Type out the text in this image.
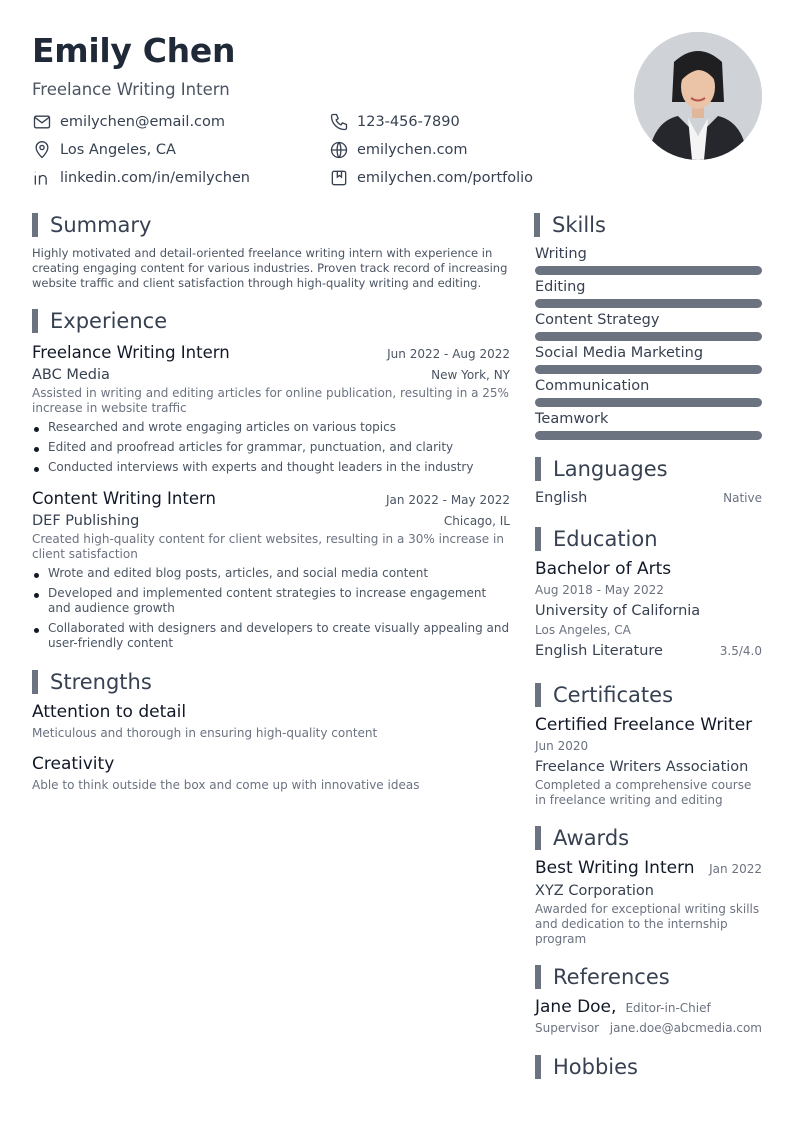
Emily Chen
Freelance Writing Intern
emilychen@email.com	123-456-7890
Los Angeles, CA	emilychen.com
linkedin.com/in/emilychen	emilychen.com/portfolio
Summary
Highly motivated and detail-oriented freelance writing intern with experience in creating engaging content for various industries. Proven track record of increasing website traffic and client satisfaction through high-quality writing and editing.
Experience
Freelance Writing Intern	Jun 2022 - Aug 2022
ABC Media	New York, NY
Assisted in writing and editing articles for online publication, resulting in a 25% increase in website traffic
Researched and wrote engaging articles on various topics
Edited and proofread articles for grammar, punctuation, and clarity
Conducted interviews with experts and thought leaders in the industry
Content Writing Intern	Jan 2022 - May 2022
DEF Publishing	Chicago, IL
Created high-quality content for client websites, resulting in a 30% increase in client satisfaction
Wrote and edited blog posts, articles, and social media content
Developed and implemented content strategies to increase engagement and audience growth
Collaborated with designers and developers to create visually appealing and user-friendly content
Strengths
Attention to detail
Meticulous and thorough in ensuring high-quality content
Creativity
Able to think outside the box and come up with innovative ideas
Skills
Writing
Editing
Content Strategy
Social Media Marketing
Communication
Teamwork
Languages
English	Native
Education
Bachelor of Arts
Aug 2018 - May 2022
University of California
Los Angeles, CA
English Literature	3.5/4.0
Certificates
Certified Freelance Writer
Jun 2020
Freelance Writers Association
Completed a comprehensive course in freelance writing and editing
Awards
Best Writing Intern Jan 2022
XYZ Corporation
Awarded for exceptional writing skills and dedication to the internship program
References
Jane Doe, Editor-in-Chief
Supervisor jane.doe@abcmedia.com
Hobbies
